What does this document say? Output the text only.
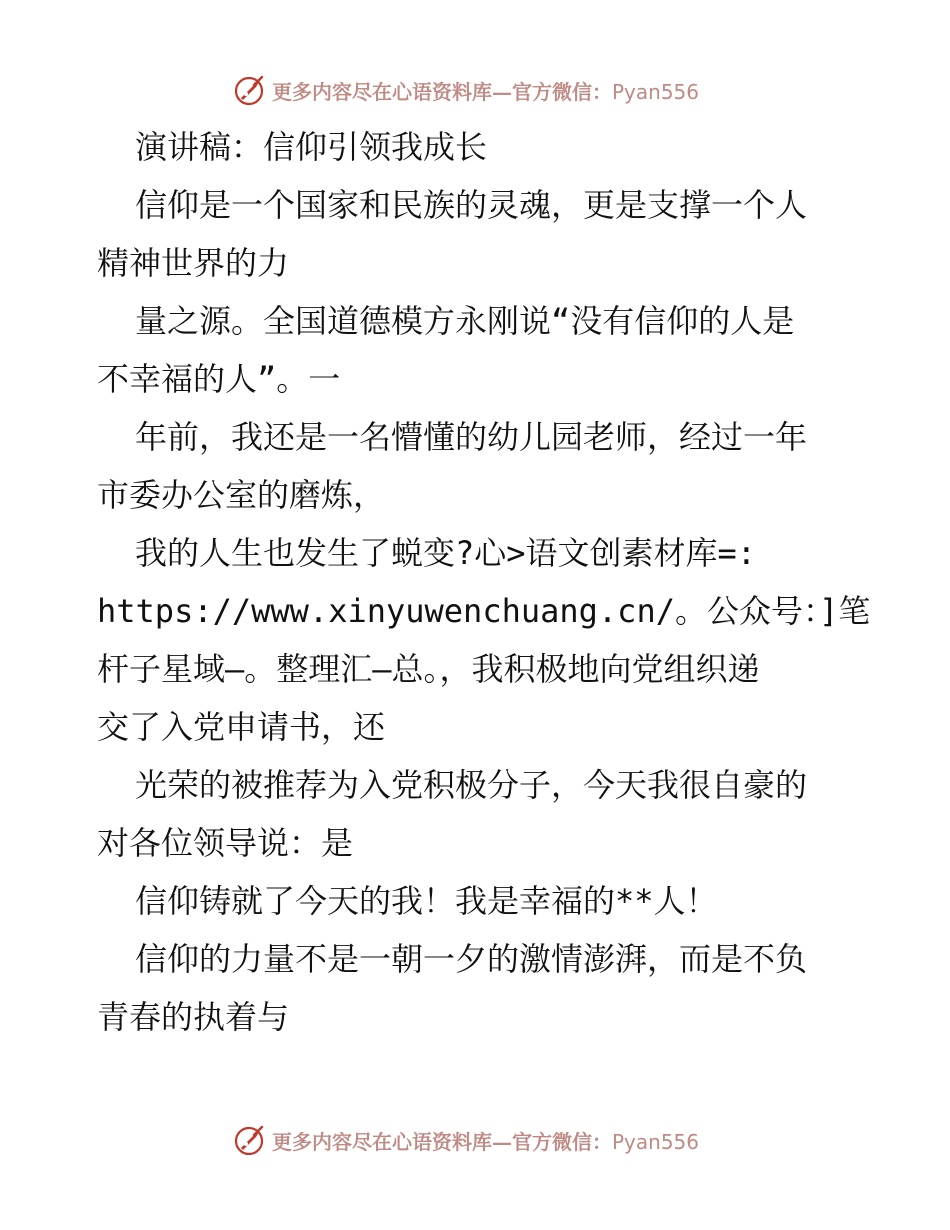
更多内容尽在心语资料库—官方微信：Pyan556
演讲稿：信仰引领我成长
信仰是一个国家和民族的灵魂，更是支撑一个人
精神世界的力
量之源。全国道德模方永刚说“没有信仰的人是
不幸福的人”。一
年前，我还是一名懵懂的幼儿园老师，经过一年
市委办公室的磨炼，
我的人生也发生了蜕变?心>语文创素材库=:
https://www.xinyuwenchuang.cn/。公众号：]笔
杆子星域—。整理汇—总。，我积极地向党组织递
交了入党申请书，还
光荣的被推荐为入党积极分子，今天我很自豪的
对各位领导说：是
信仰铸就了今天的我！我是幸福的**人！
信仰的力量不是一朝一夕的激情澎湃，而是不负
青春的执着与
更多内容尽在心语资料库—官方微信：Pyan556
